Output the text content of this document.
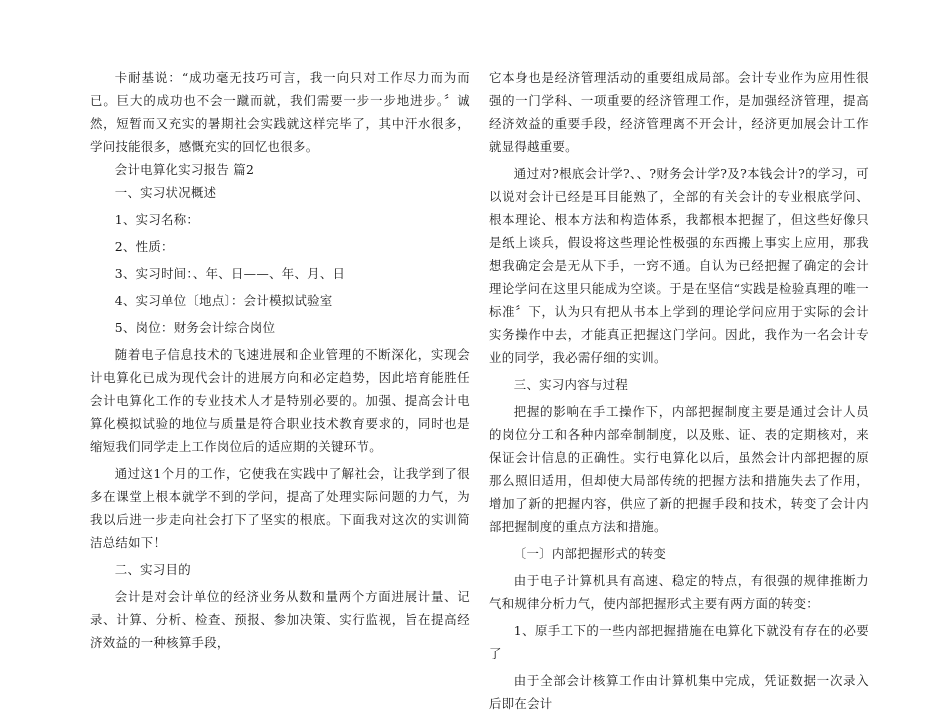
卡耐基说：“成功毫无技巧可言，我一向只对工作尽力而为而已。巨大的成功也不会一蹴而就，我们需要一步一步地进步。〞诚然，短暂而又充实的暑期社会实践就这样完毕了，其中汗水很多，学问技能很多，感慨充实的回忆也很多。

会计电算化实习报告 篇2

一、实习状况概述

1、实习名称：

2、性质：

3、实习时间：、年、日——、年、月、日

4、实习单位〔地点〕：会计模拟试验室

5、岗位：财务会计综合岗位

随着电子信息技术的飞速进展和企业管理的不断深化，实现会计电算化已成为现代会计的进展方向和必定趋势，因此培育能胜任会计电算化工作的专业技术人才是特别必要的。加强、提高会计电算化模拟试验的地位与质量是符合职业技术教育要求的，同时也是缩短我们同学走上工作岗位后的适应期的关键环节。

通过这1个月的工作，它使我在实践中了解社会，让我学到了很多在课堂上根本就学不到的学问，提高了处理实际问题的力气，为我以后进一步走向社会打下了坚实的根底。下面我对这次的实训简洁总结如下！

二、实习目的

会计是对会计单位的经济业务从数和量两个方面进展计量、记录、计算、分析、检查、预报、参加决策、实行监视，旨在提高经济效益的一种核算手段，

它本身也是经济管理活动的重要组成局部。会计专业作为应用性很强的一门学科、一项重要的经济管理工作，是加强经济管理，提高经济效益的重要手段，经济管理离不开会计，经济更加展会计工作就显得越重要。

通过对?根底会计学?、、?财务会计学?及?本钱会计?的学习，可以说对会计已经是耳目能熟了，全部的有关会计的专业根底学问、根本理论、根本方法和构造体系，我都根本把握了，但这些好像只是纸上谈兵，假设将这些理论性极强的东西搬上事实上应用，那我想我确定会是无从下手，一窍不通。自认为已经把握了确定的会计理论学问在这里只能成为空谈。于是在坚信“实践是检验真理的唯一标准〞下，认为只有把从书本上学到的理论学问应用于实际的会计实务操作中去，才能真正把握这门学问。因此，我作为一名会计专业的同学，我必需仔细的实训。

三、实习内容与过程

把握的影响在手工操作下，内部把握制度主要是通过会计人员的岗位分工和各种内部牵制制度，以及账、证、表的定期核对，来保证会计信息的正确性。实行电算化以后，虽然会计内部把握的原那么照旧适用，但却使大局部传统的把握方法和措施失去了作用，增加了新的把握内容，供应了新的把握手段和技术，转变了会计内部把握制度的重点方法和措施。

〔一〕内部把握形式的转变

由于电子计算机具有高速、稳定的特点，有很强的规律推断力气和规律分析力气，使内部把握形式主要有两方面的转变：

1、原手工下的一些内部把握措施在电算化下就没有存在的必要了

由于全部会计核算工作由计算机集中完成，凭证数据一次录入后即在会计
